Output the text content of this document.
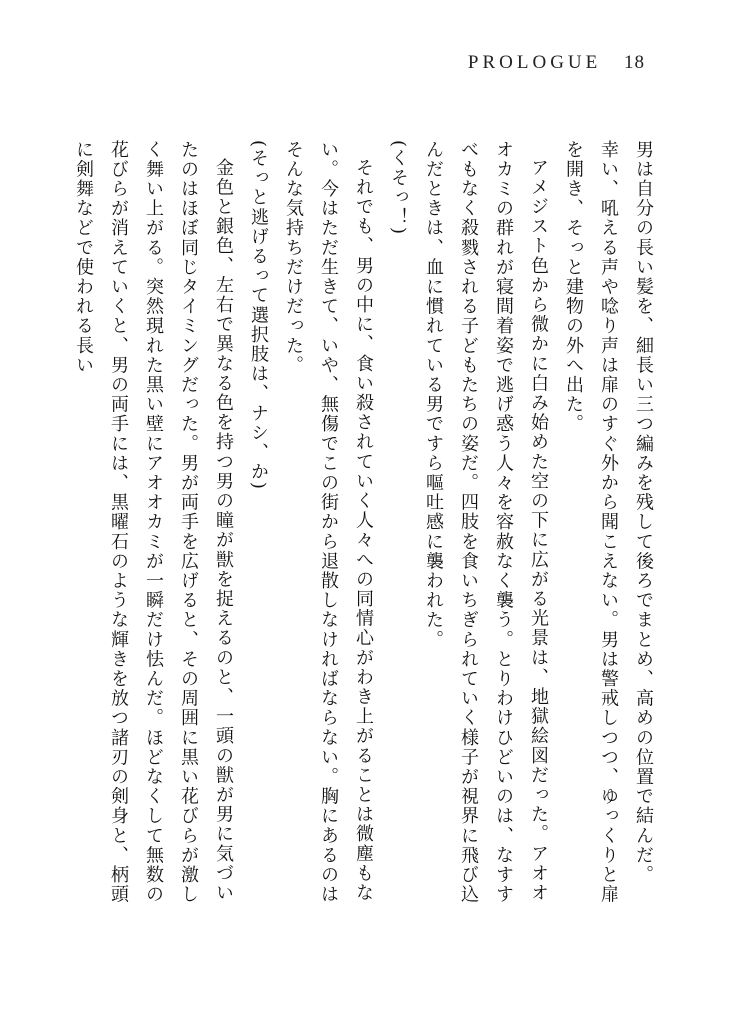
PROLOGUE 18

男は自分の長い髪を、細長い三つ編みを残して後ろでまとめ、高めの位置で結んだ。

幸い、吼える声や唸り声は扉のすぐ外から聞こえない。男は警戒しつつ、ゆっくりと扉を開き、そっと建物の外へ出た。

アメジスト色から微かに白み始めた空の下に広がる光景は、地獄絵図だった。アオオオカミの群れが寝間着姿で逃げ惑う人々を容赦なく襲う。とりわけひどいのは、なすすべもなく殺戮される子どもたちの姿だ。四肢を食いちぎられていく様子が視界に飛び込んだときは、血に慣れている男ですら嘔吐感に襲われた。

(くそっ！)

それでも、男の中に、食い殺されていく人々への同情心がわき上がることは微塵もない。今はただ生きて、いや、無傷でこの街から退散しなければならない。胸にあるのはそんな気持ちだけだった。

(そっと逃げるって選択肢は、ナシ、か)

金色と銀色、左右で異なる色を持つ男の瞳が獣を捉えるのと、一頭の獣が男に気づいたのはほぼ同じタイミングだった。男が両手を広げると、その周囲に黒い花びらが激しく舞い上がる。突然現れた黒い壁にアオオカミが一瞬だけ怯んだ。ほどなくして無数の花びらが消えていくと、男の両手には、黒曜石のような輝きを放つ諸刃の剣身と、柄頭に剣舞などで使われる長い
